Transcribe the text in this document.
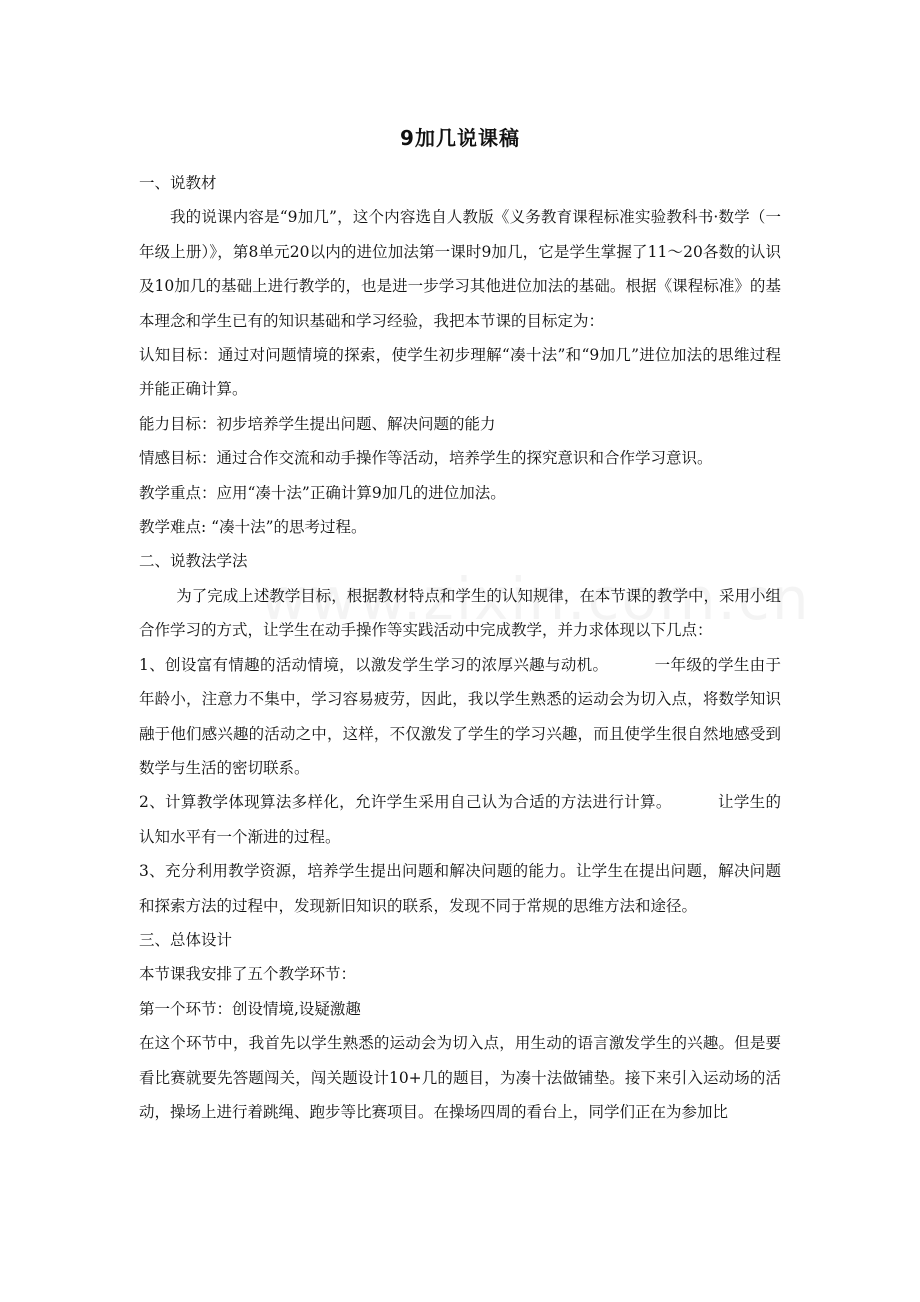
9加几说课稿

一、说教材

我的说课内容是“9加几”，这个内容选自人教版《义务教育课程标准实验教科书·数学（一年级上册）》，第8单元20以内的进位加法第一课时9加几，它是学生掌握了11～20各数的认识及10加几的基础上进行教学的，也是进一步学习其他进位加法的基础。根据《课程标准》的基本理念和学生已有的知识基础和学习经验，我把本节课的目标定为：

认知目标：通过对问题情境的探索，使学生初步理解“凑十法”和“9加几”进位加法的思维过程并能正确计算。

能力目标：初步培养学生提出问题、解决问题的能力

情感目标：通过合作交流和动手操作等活动，培养学生的探究意识和合作学习意识。

教学重点：应用“凑十法”正确计算9加几的进位加法。

教学难点: “凑十法”的思考过程。

二、说教法学法

为了完成上述教学目标，根据教材特点和学生的认知规律，在本节课的教学中，采用小组合作学习的方式，让学生在动手操作等实践活动中完成教学，并力求体现以下几点：

1、创设富有情趣的活动情境，以激发学生学习的浓厚兴趣与动机。	一年级的学生由于年龄小，注意力不集中，学习容易疲劳，因此，我以学生熟悉的运动会为切入点，将数学知识融于他们感兴趣的活动之中，这样，不仅激发了学生的学习兴趣，而且使学生很自然地感受到数学与生活的密切联系。

2、计算教学体现算法多样化，允许学生采用自己认为合适的方法进行计算。	让学生的认知水平有一个渐进的过程。

3、充分利用教学资源，培养学生提出问题和解决问题的能力。让学生在提出问题，解决问题和探索方法的过程中，发现新旧知识的联系，发现不同于常规的思维方法和途径。

三、总体设计

本节课我安排了五个教学环节：

第一个环节：创设情境,设疑激趣

在这个环节中，我首先以学生熟悉的运动会为切入点，用生动的语言激发学生的兴趣。但是要看比赛就要先答题闯关，闯关题设计10+几的题目，为凑十法做铺垫。接下来引入运动场的活动，操场上进行着跳绳、跑步等比赛项目。在操场四周的看台上，同学们正在为参加比
